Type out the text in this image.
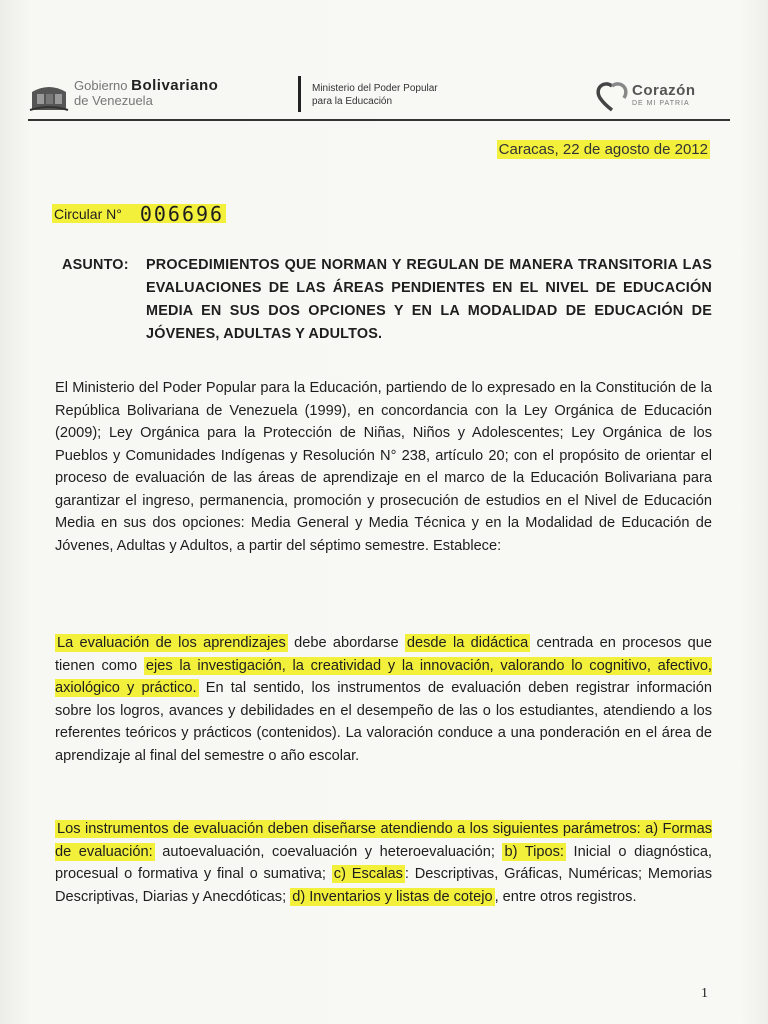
Gobierno Bolivariano
de Venezuela
Ministerio del Poder Popular
para la Educación
Corazón
DE MI PATRIA
Caracas, 22 de agosto de 2012
Circular N° 006696
ASUNTO: PROCEDIMIENTOS QUE NORMAN Y REGULAN DE MANERA TRANSITORIA LAS EVALUACIONES DE LAS ÁREAS PENDIENTES EN EL NIVEL DE EDUCACIÓN MEDIA EN SUS DOS OPCIONES Y EN LA MODALIDAD DE EDUCACIÓN DE JÓVENES, ADULTAS Y ADULTOS.
El Ministerio del Poder Popular para la Educación, partiendo de lo expresado en la Constitución de la República Bolivariana de Venezuela (1999), en concordancia con la Ley Orgánica de Educación (2009); Ley Orgánica para la Protección de Niñas, Niños y Adolescentes; Ley Orgánica de los Pueblos y Comunidades Indígenas y Resolución N° 238, artículo 20; con el propósito de orientar el proceso de evaluación de las áreas de aprendizaje en el marco de la Educación Bolivariana para garantizar el ingreso, permanencia, promoción y prosecución de estudios en el Nivel de Educación Media en sus dos opciones: Media General y Media Técnica y en la Modalidad de Educación de Jóvenes, Adultas y Adultos, a partir del séptimo semestre. Establece:
La evaluación de los aprendizajes debe abordarse desde la didáctica centrada en procesos que tienen como ejes la investigación, la creatividad y la innovación, valorando lo cognitivo, afectivo, axiológico y práctico. En tal sentido, los instrumentos de evaluación deben registrar información sobre los logros, avances y debilidades en el desempeño de las o los estudiantes, atendiendo a los referentes teóricos y prácticos (contenidos). La valoración conduce a una ponderación en el área de aprendizaje al final del semestre o año escolar.
Los instrumentos de evaluación deben diseñarse atendiendo a los siguientes parámetros: a) Formas de evaluación: autoevaluación, coevaluación y heteroevaluación; b) Tipos: Inicial o diagnóstica, procesual o formativa y final o sumativa; c) Escalas : Descriptivas, Gráficas, Numéricas; Memorias Descriptivas, Diarias y Anecdóticas; d) Inventarios y listas de cotejo , entre otros registros.
1
